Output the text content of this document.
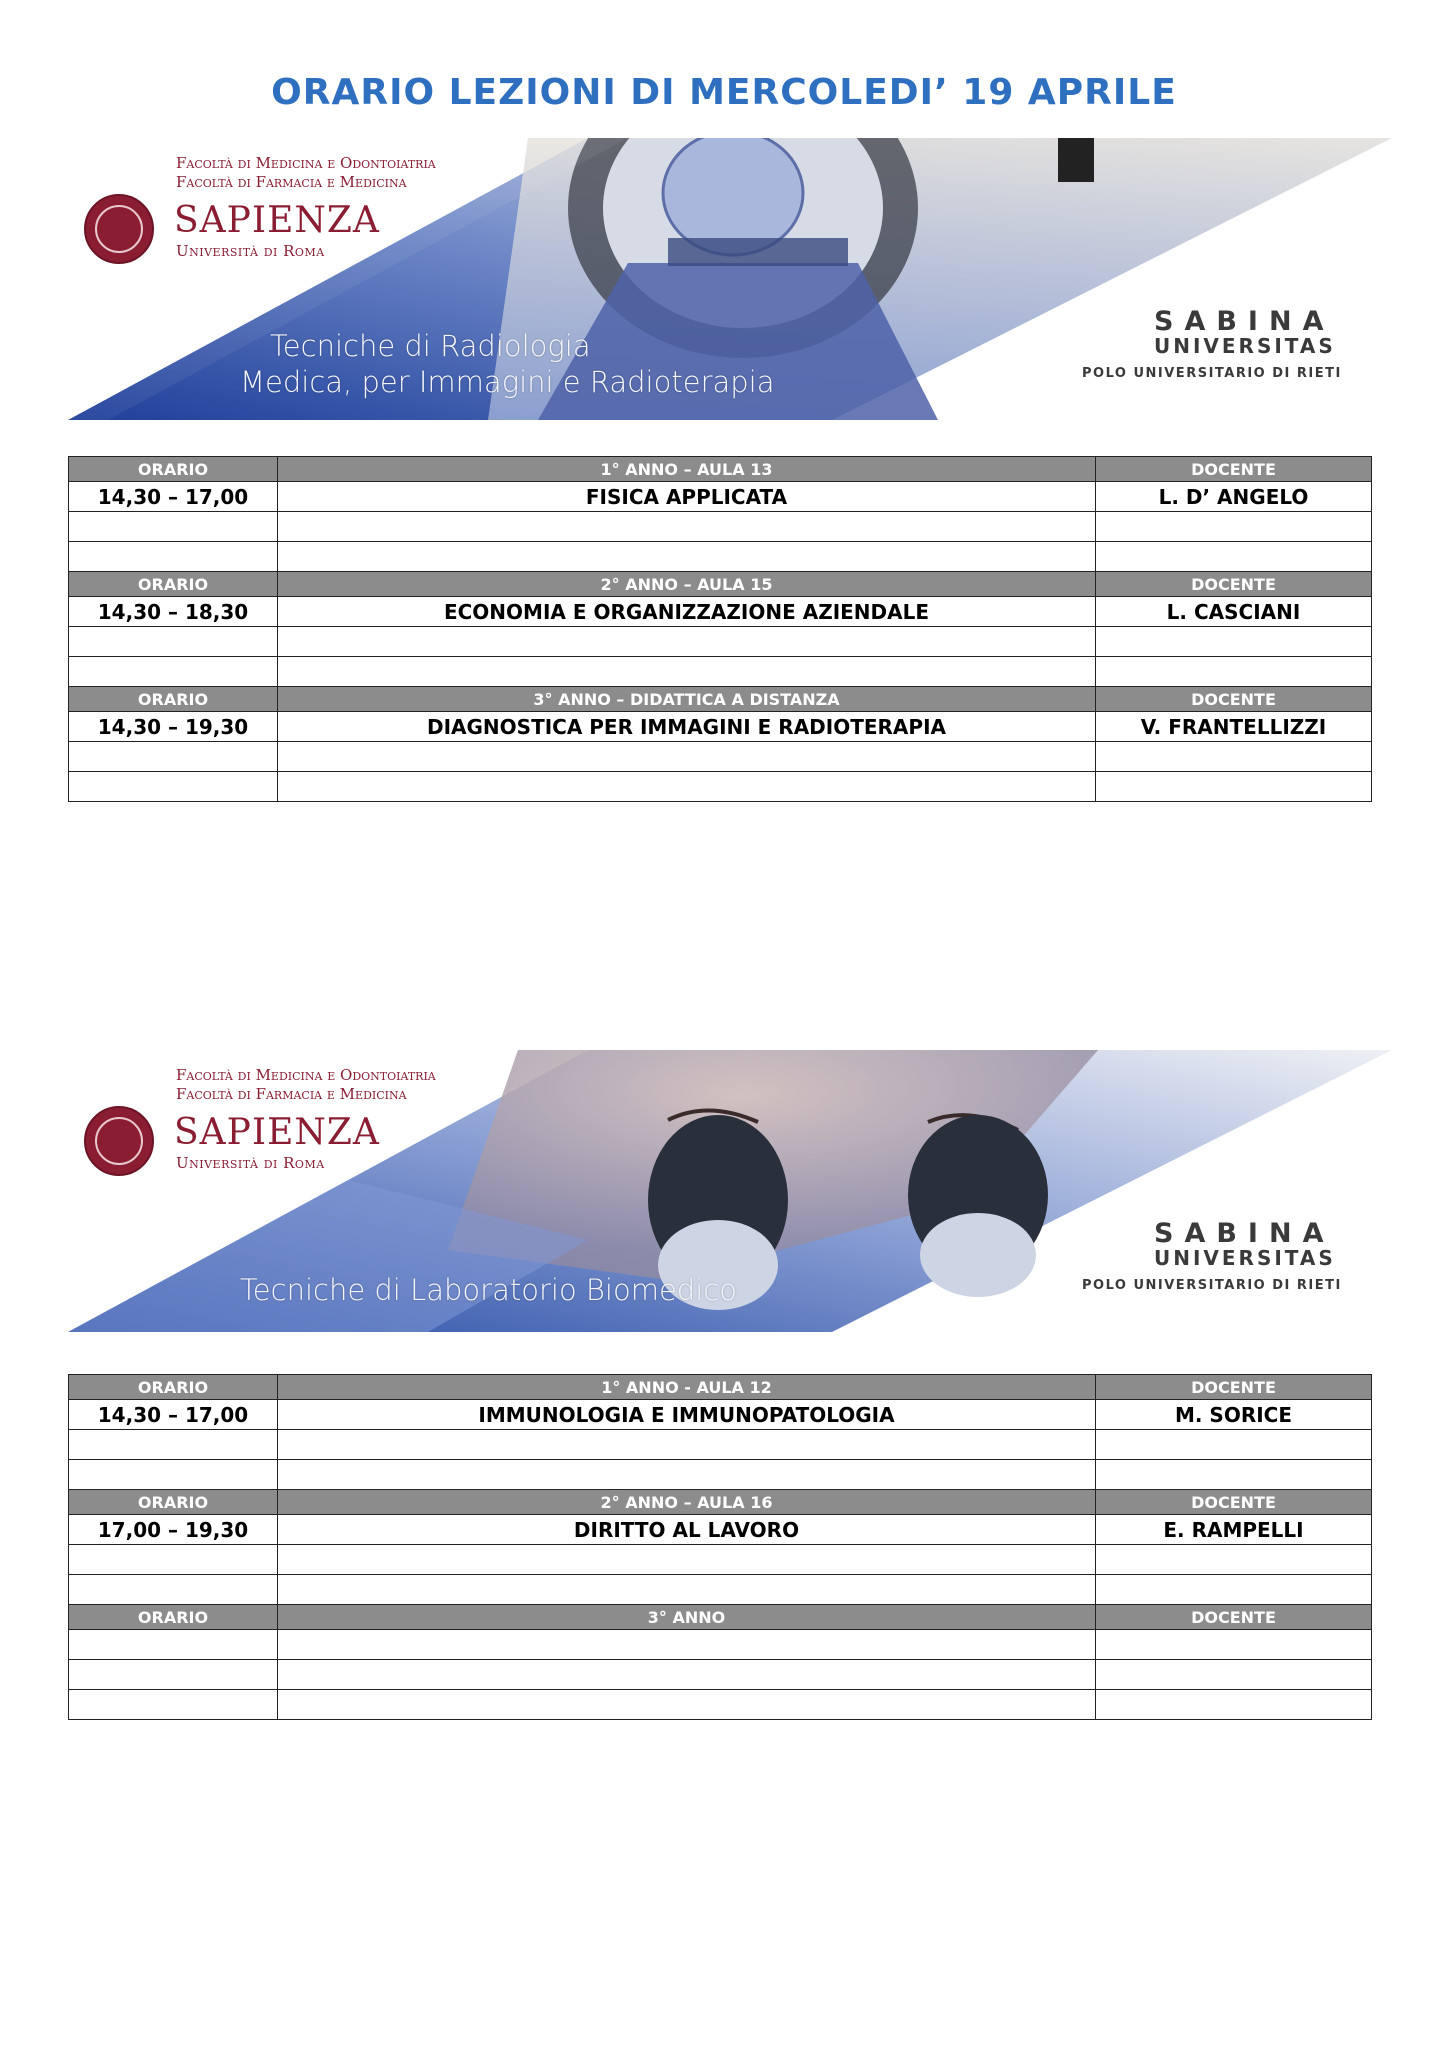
ORARIO LEZIONI DI MERCOLEDI’ 19 APRILE
Facoltà di Medicina e Odontoiatria
Facoltà di Farmacia e Medicina
SAPIENZA
Università di Roma
Tecniche di Radiologia
Medica, per Immagini e Radioterapia
SABINA
UNIVERSITAS
POLO UNIVERSITARIO DI RIETI
ORARIO	1° ANNO – AULA 13	DOCENTE
14,30 – 17,00	FISICA APPLICATA	L. D’ ANGELO

ORARIO	2° ANNO – AULA 15	DOCENTE
14,30 – 18,30	ECONOMIA E ORGANIZZAZIONE AZIENDALE	L. CASCIANI

ORARIO	3° ANNO – DIDATTICA A DISTANZA	DOCENTE
14,30 – 19,30	DIAGNOSTICA PER IMMAGINI E RADIOTERAPIA	V. FRANTELLIZZI

Facoltà di Medicina e Odontoiatria
Facoltà di Farmacia e Medicina
SAPIENZA
Università di Roma
Tecniche di Laboratorio Biomedico
SABINA
UNIVERSITAS
POLO UNIVERSITARIO DI RIETI
ORARIO	1° ANNO - AULA 12	DOCENTE
14,30 – 17,00	IMMUNOLOGIA E IMMUNOPATOLOGIA	M. SORICE

ORARIO	2° ANNO – AULA 16	DOCENTE
17,00 – 19,30	DIRITTO AL LAVORO	E. RAMPELLI

ORARIO	3° ANNO	DOCENTE
